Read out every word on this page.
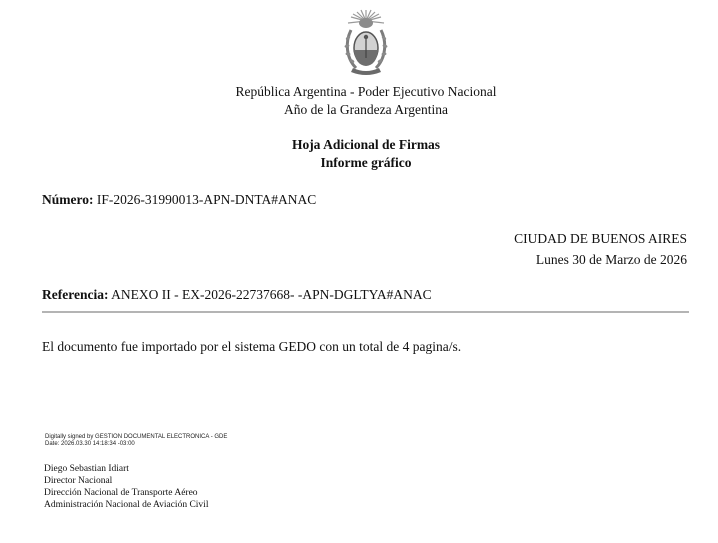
República Argentina - Poder Ejecutivo Nacional
Año de la Grandeza Argentina
Hoja Adicional de Firmas
Informe gráfico
Número: IF-2026-31990013-APN-DNTA#ANAC
CIUDAD DE BUENOS AIRES
Lunes 30 de Marzo de 2026
Referencia: ANEXO II - EX-2026-22737668- -APN-DGLTYA#ANAC
El documento fue importado por el sistema GEDO con un total de 4 pagina/s.
Digitally signed by GESTION DOCUMENTAL ELECTRONICA - GDE
Date: 2026.03.30 14:18:34 -03:00
Diego Sebastian Idiart
Director Nacional
Dirección Nacional de Transporte Aéreo
Administración Nacional de Aviación Civil
